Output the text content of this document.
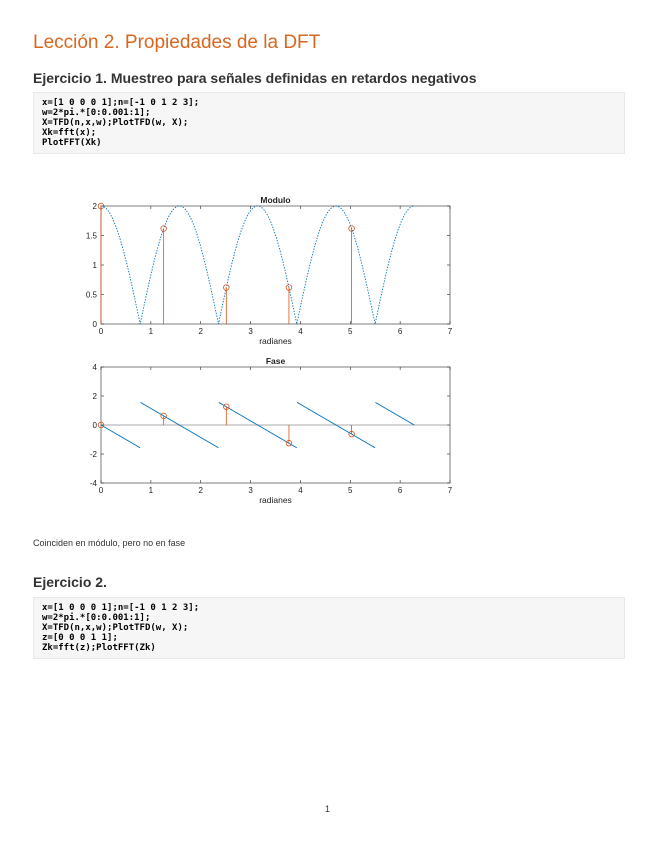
Lección 2. Propiedades de la DFT
Ejercicio 1. Muestreo para señales definidas en retardos negativos
x=[1 0 0 0 1];n=[-1 0 1 2 3];
w=2*pi.*[0:0.001:1];
X=TFD(n,x,w);PlotTFD(w, X);
Xk=fft(x);
PlotFFT(Xk)
0	1	2	3	4	5	6	7
0
0.5
1
1.5
2
Modulo
radianes
0	1	2	3	4	5	6	7
-4
-2
0
2
4
Fase
radianes

Coinciden en módulo, pero no en fase

Ejercicio 2.
x=[1 0 0 0 1];n=[-1 0 1 2 3];
w=2*pi.*[0:0.001:1];
X=TFD(n,x,w);PlotTFD(w, X);
z=[0 0 0 1 1];
Zk=fft(z);PlotFFT(Zk)
1
